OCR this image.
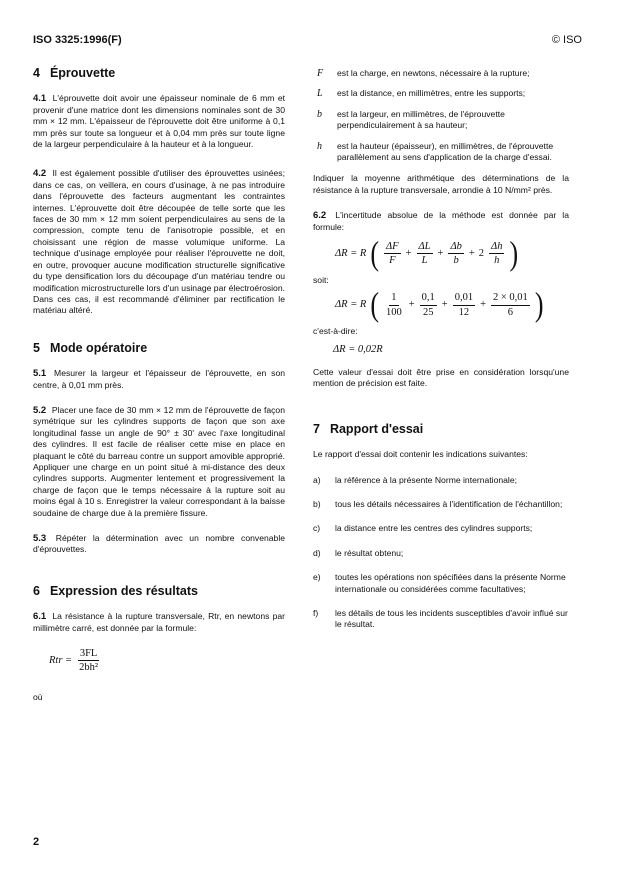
ISO 3325:1996(F)	© ISO
4 Éprouvette

4.1 L'éprouvette doit avoir une épaisseur nominale de 6 mm et provenir d'une matrice dont les dimensions nominales sont de 30 mm × 12 mm. L'épaisseur de l'éprouvette doit être uniforme à 0,1 mm près sur toute sa longueur et à 0,04 mm près sur toute ligne de la largeur perpendiculaire à la hauteur et à la longueur.

4.2 Il est également possible d'utiliser des éprouvettes usinées; dans ce cas, on veillera, en cours d'usinage, à ne pas introduire dans l'éprouvette des facteurs augmentant les contraintes internes. L'éprouvette doit être découpée de telle sorte que les faces de 30 mm × 12 mm soient perpendiculaires au sens de la compression, compte tenu de l'anisotropie possible, et en choisissant une région de masse volumique uniforme. La technique d'usinage employée pour réaliser l'éprouvette ne doit, en outre, provoquer aucune modification structurelle significative du type densification lors du découpage d'un matériau tendre ou modification microstructurelle lors d'un usinage par électroérosion. Dans ces cas, il est recommandé d'éliminer par rectification le matériau altéré.

5 Mode opératoire

5.1 Mesurer la largeur et l'épaisseur de l'éprouvette, en son centre, à 0,01 mm près.

5.2 Placer une face de 30 mm × 12 mm de l'éprouvette de façon symétrique sur les cylindres supports de façon que son axe longitudinal fasse un angle de 90° ± 30' avec l'axe longitudinal des cylindres. Il est facile de réaliser cette mise en place en plaquant le côté du barreau contre un support amovible approprié. Appliquer une charge en un point situé à mi-distance des deux cylindres supports. Augmenter lentement et progressivement la charge de façon que le temps nécessaire à la rupture soit au moins égal à 10 s. Enregistrer la valeur correspondant à la baisse soudaine de charge due à la première fissure.

5.3 Répéter la détermination avec un nombre convenable d'éprouvettes.

6 Expression des résultats

6.1 La résistance à la rupture transversale, Rtr, en newtons par millimètre carré, est donnée par la formule:

Rtr = $\frac{3FL}{\text{2bh²}}$

où

F	est la charge, en newtons, nécessaire à la rupture;
L	est la distance, en millimètres, entre les supports;
b	est la largeur, en millimètres, de l'éprouvette perpendiculairement à sa hauteur;
h	est la hauteur (épaisseur), en millimètres, de l'éprouvette parallèlement au sens d'application de la charge d'essai.

Indiquer la moyenne arithmétique des déterminations de la résistance à la rupture transversale, arrondie à 10 N/mm² près.

6.2 L'incertitude absolue de la méthode est donnée par la formule:

ΔR = R ( $\frac{\Delta F}{F} + \frac{\Delta L}{L} + \frac{\Delta b}{b} + 2 \frac{\Delta h}{h}$ )

soit:

ΔR = R ( $\frac{1}{100} + \frac{0,1}{25} + \frac{0,01}{12} + \frac{2 \times 0,01}{6}$ )

c'est-à-dire:

ΔR = 0,02R

Cette valeur d'essai doit être prise en considération lorsqu'une mention de précision est faite.

7 Rapport d'essai

Le rapport d'essai doit contenir les indications suivantes:

a)	la référence à la présente Norme internationale;
b)	tous les détails nécessaires à l'identification de l'échantillon;
c)	la distance entre les centres des cylindres supports;
d)	le résultat obtenu;
e)	toutes les opérations non spécifiées dans la présente Norme internationale ou considérées comme facultatives;
f)	les détails de tous les incidents susceptibles d'avoir influé sur le résultat.
2
